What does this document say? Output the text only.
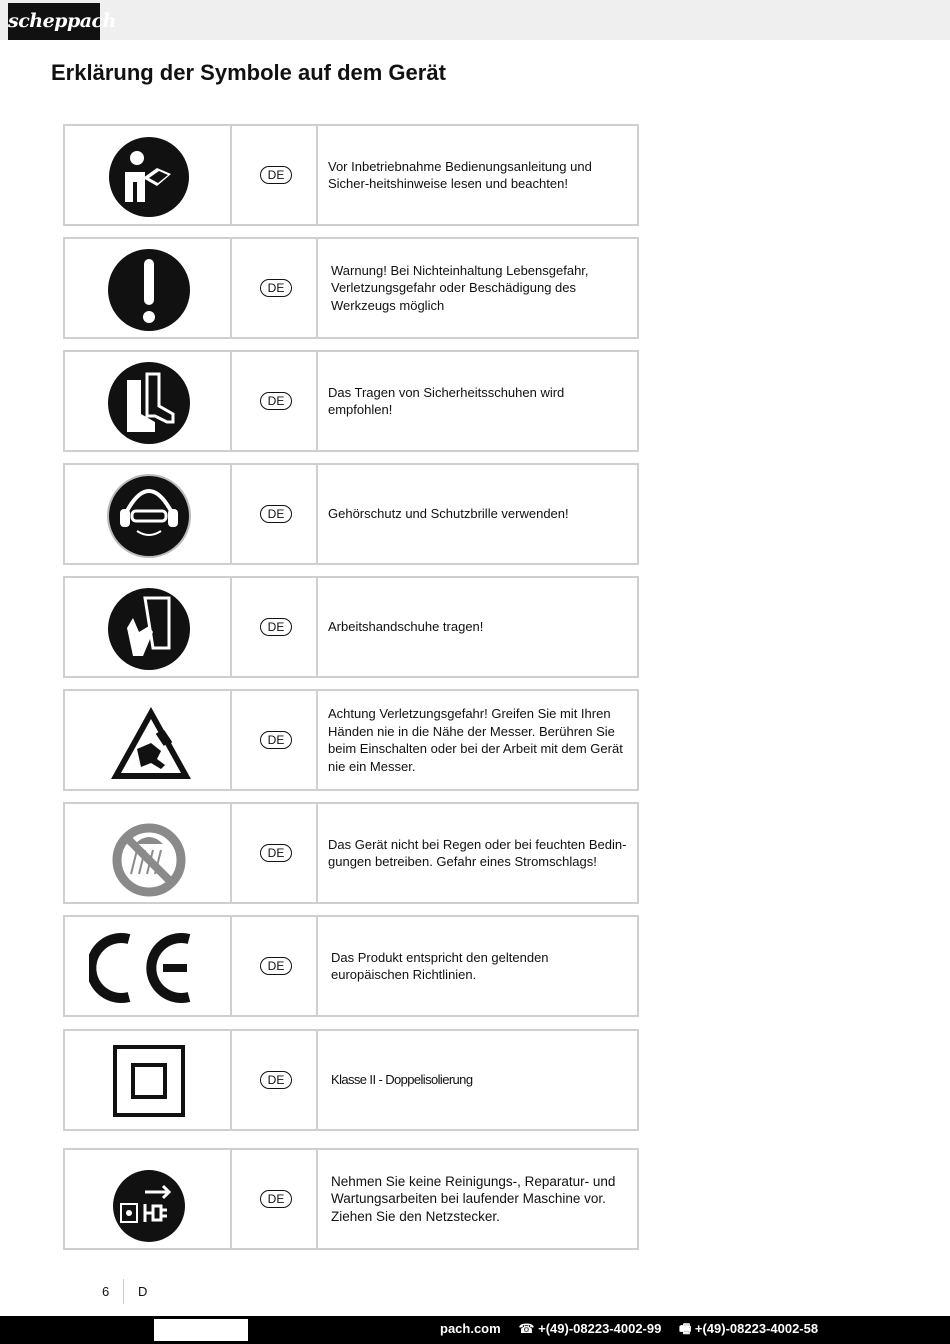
scheppach
Erklärung der Symbole auf dem Gerät
DE
Vor Inbetriebnahme Bedienungsanleitung und Sicher-heitshinweise lesen und beachten!
DE
Warnung! Bei Nichteinhaltung Lebensgefahr, Verletzungsgefahr oder Beschädigung des Werkzeugs möglich
DE
Das Tragen von Sicherheitsschuhen wird empfohlen!
DE	Gehörschutz und Schutzbrille verwenden!
DE	Arbeitshandschuhe tragen!
DE
Achtung Verletzungsgefahr! Greifen Sie mit Ihren Händen nie in die Nähe der Messer. Berühren Sie beim Einschalten oder bei der Arbeit mit dem Gerät nie ein Messer.
DE
Das Gerät nicht bei Regen oder bei feuchten Bedin-gungen betreiben. Gefahr eines Stromschlags!
DE
Das Produkt entspricht den geltenden europäischen Richtlinien.
DE	Klasse II - Doppelisolierung
DE
Nehmen Sie keine Reinigungs-, Reparatur- und Wartungsarbeiten bei laufender Maschine vor. Ziehen Sie den Netzstecker.
6 D
pach.com ☎ +(49)-08223-4002-99 🖷 +(49)-08223-4002-58
